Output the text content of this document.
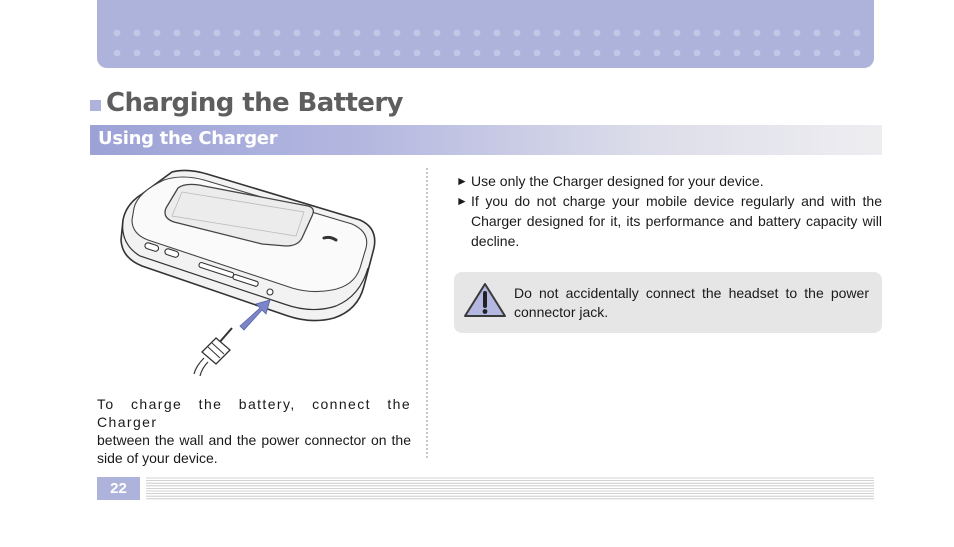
Charging the Battery
Using the Charger
To charge the battery, connect the Charger
between the wall and the power connector on the side of your device.
► Use only the Charger designed for your device.
► If you do not charge your mobile device regularly and with the Charger designed for it, its performance and battery capacity will decline.
Do not accidentally connect the headset to the power connector jack.
22
